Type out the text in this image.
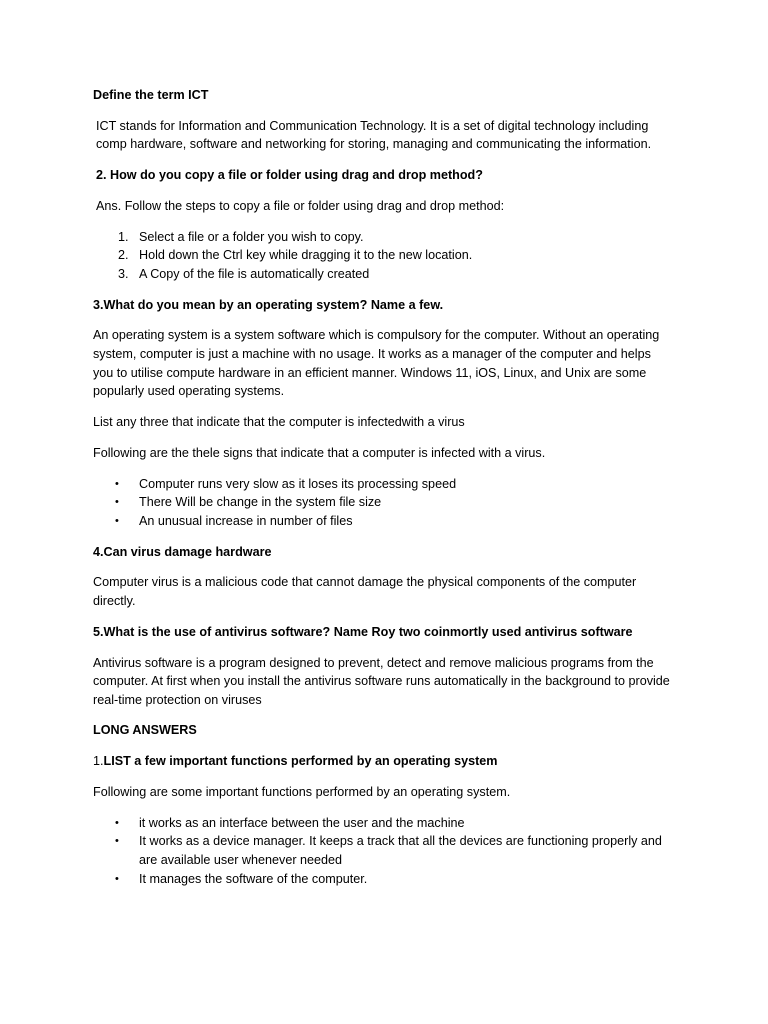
Define the term ICT

ICT stands for Information and Communication Technology. It is a set of digital technology including comp hardware, software and networking for storing, managing and communicating the information.

2. How do you copy a file or folder using drag and drop method?

Ans. Follow the steps to copy a file or folder using drag and drop method:

1. Select a file or a folder you wish to copy.
2. Hold down the Ctrl key while dragging it to the new location.
3. A Copy of the file is automatically created

3.What do you mean by an operating system? Name a few.

An operating system is a system software which is compulsory for the computer. Without an operating system, computer is just a machine with no usage. It works as a manager of the computer and helps you to utilise compute hardware in an efficient manner. Windows 11, iOS, Linux, and Unix are some popularly used operating systems.

List any three that indicate that the computer is infectedwith a virus

Following are the thele signs that indicate that a computer is infected with a virus.

• Computer runs very slow as it loses its processing speed
• There Will be change in the system file size
• An unusual increase in number of files

4.Can virus damage hardware

Computer virus is a malicious code that cannot damage the physical components of the computer directly.

5.What is the use of antivirus software? Name Roy two coinmortly used antivirus software

Antivirus software is a program designed to prevent, detect and remove malicious programs from the computer. At first when you install the antivirus software runs automatically in the background to provide real-time protection on viruses

LONG ANSWERS

1.LIST a few important functions performed by an operating system

Following are some important functions performed by an operating system.

• it works as an interface between the user and the machine
• It works as a device manager. It keeps a track that all the devices are functioning properly and are available user whenever needed
• It manages the software of the computer.
